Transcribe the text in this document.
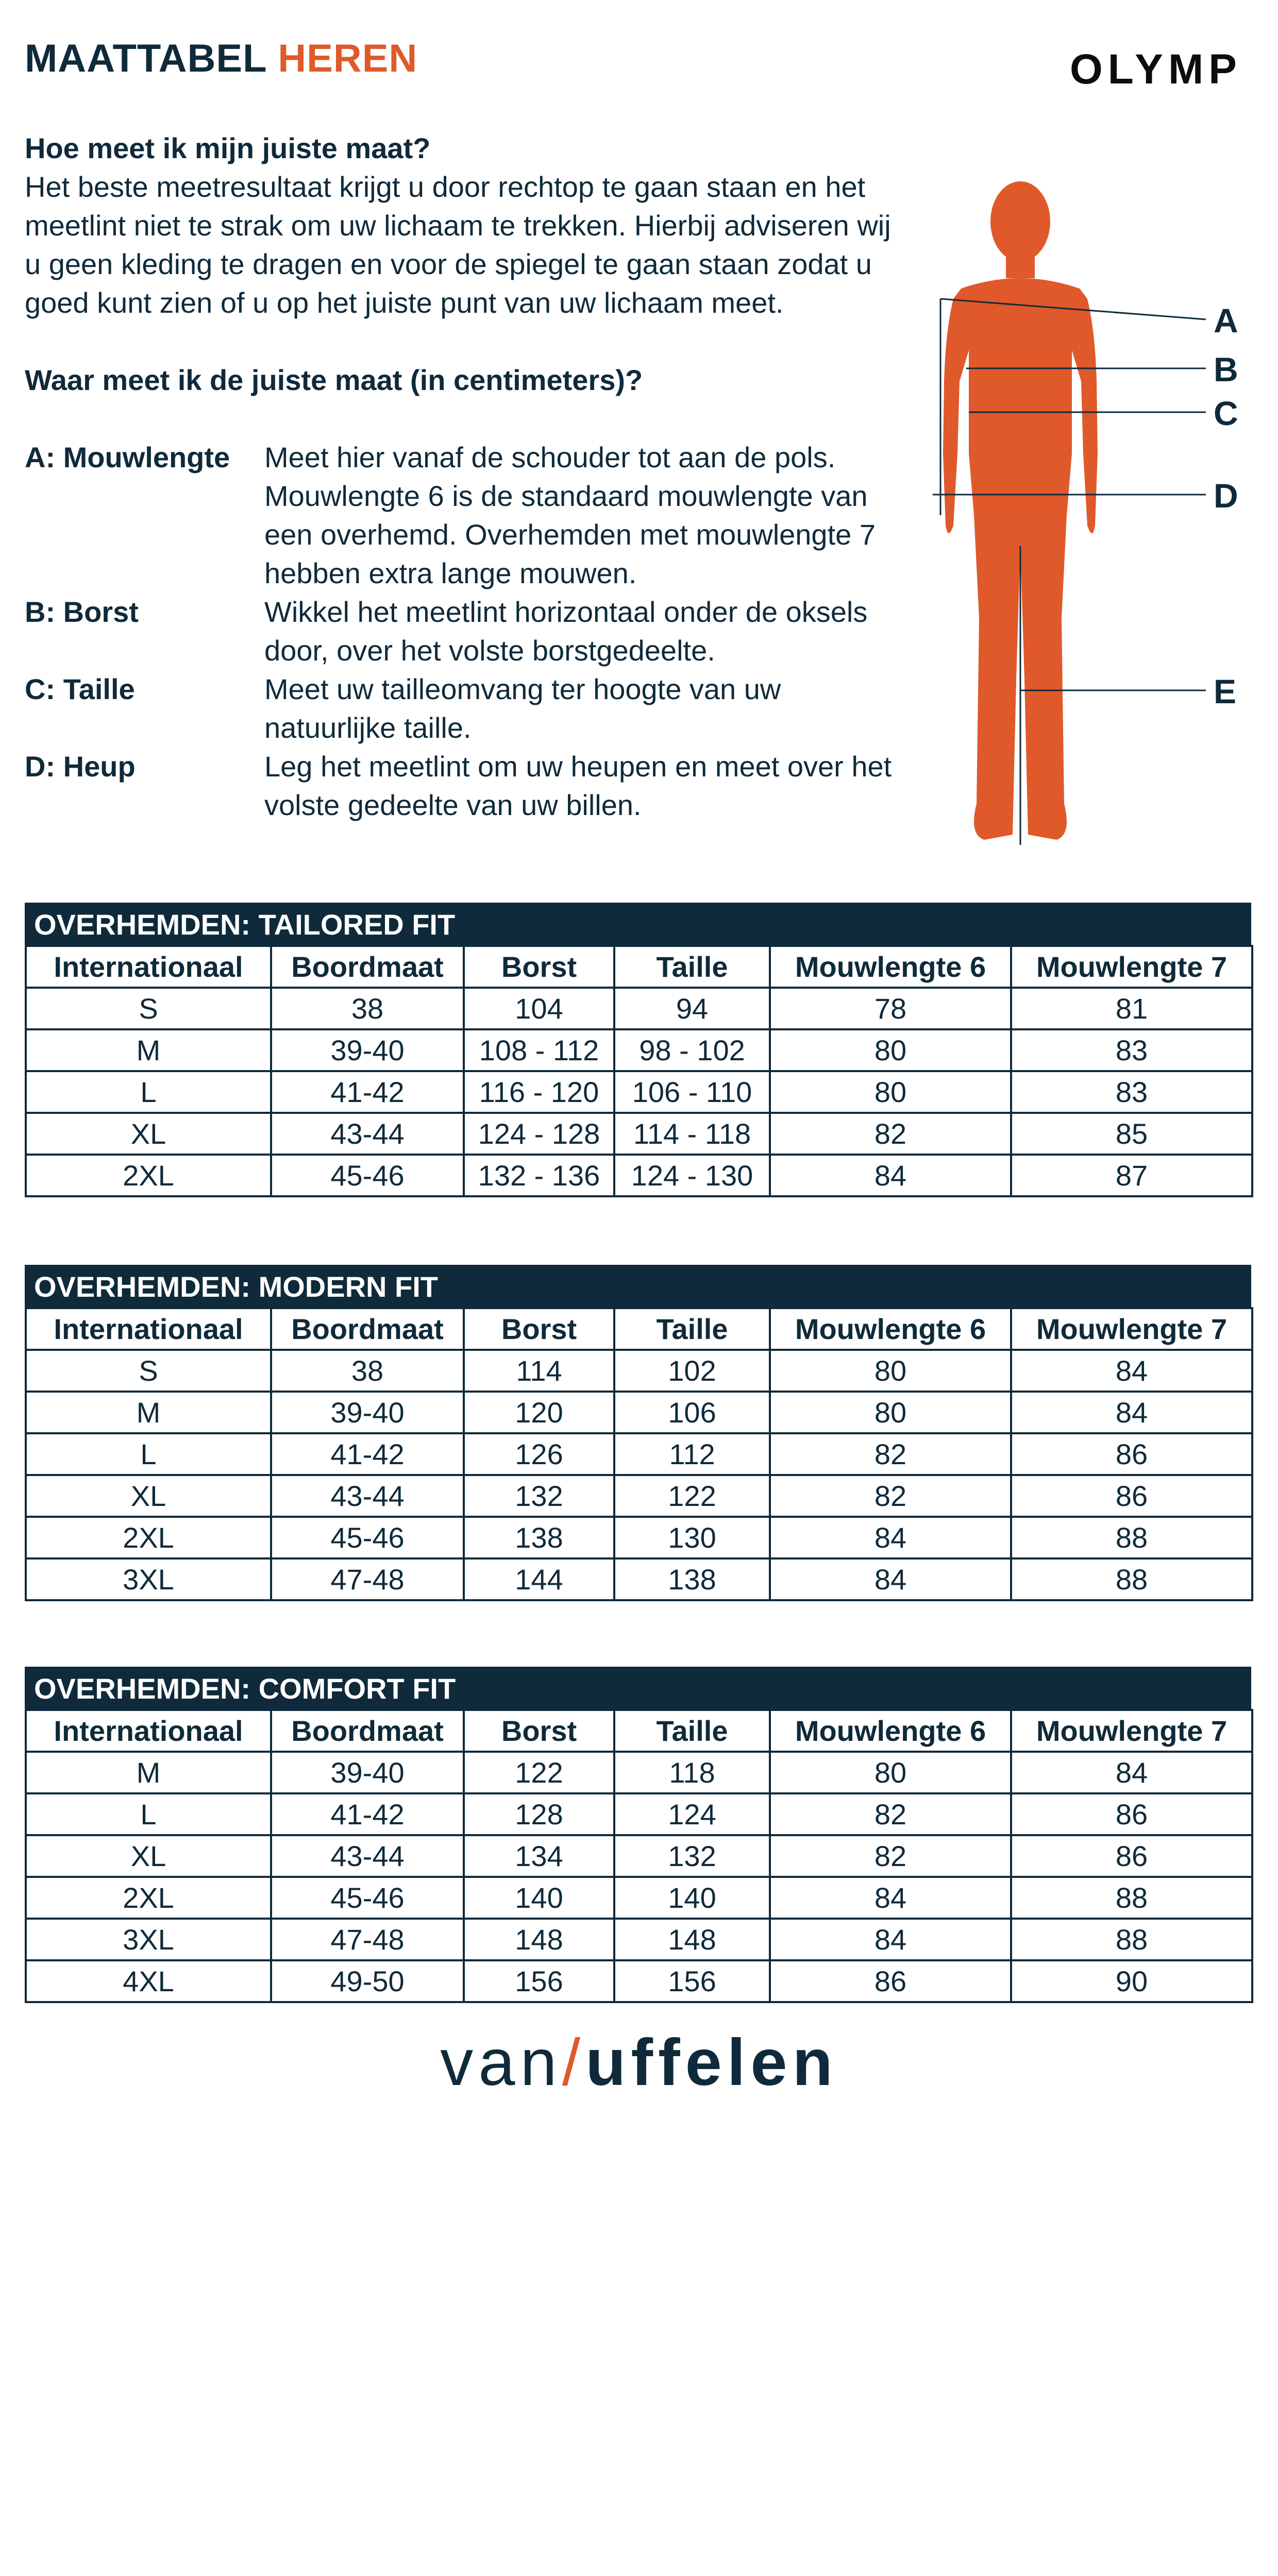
MAATTABEL HEREN	OLYMP
Hoe meet ik mijn juiste maat?
Het beste meetresultaat krijgt u door rechtop te gaan staan en het meetlint niet te strak om uw lichaam te trekken. Hierbij adviseren wij u geen kleding te dragen en voor de spiegel te gaan staan zodat u goed kunt zien of u op het juiste punt van uw lichaam meet.
Waar meet ik de juiste maat (in centimeters)?
A: Mouwlengte Meet hier vanaf de schouder tot aan de pols. Mouwlengte 6 is de standaard mouwlengte van een overhemd. Overhemden met mouwlengte 7 hebben extra lange mouwen.
B: Borst	Wikkel het meetlint horizontaal onder de oksels door, over het volste borstgedeelte.
C: Taille	Meet uw tailleomvang ter hoogte van uw natuurlijke taille.
D: Heup	Leg het meetlint om uw heupen en meet over het volste gedeelte van uw billen.
A
B
C
D
E
OVERHEMDEN: TAILORED FIT
Internationaal	Boordmaat	Borst	Taille	Mouwlengte 6	Mouwlengte 7
S	38	104	94	78	81
M	39-40	108 - 112	98 - 102	80	83
L	41-42	116 - 120	106 - 110	80	83
XL	43-44	124 - 128	114 - 118	82	85
2XL	45-46	132 - 136	124 - 130	84	87
OVERHEMDEN: MODERN FIT
Internationaal	Boordmaat	Borst	Taille	Mouwlengte 6	Mouwlengte 7
S	38	114	102	80	84
M	39-40	120	106	80	84
L	41-42	126	112	82	86
XL	43-44	132	122	82	86
2XL	45-46	138	130	84	88
3XL	47-48	144	138	84	88
OVERHEMDEN: COMFORT FIT
Internationaal	Boordmaat	Borst	Taille	Mouwlengte 6	Mouwlengte 7
M	39-40	122	118	80	84
L	41-42	128	124	82	86
XL	43-44	134	132	82	86
2XL	45-46	140	140	84	88
3XL	47-48	148	148	84	88
4XL	49-50	156	156	86	90
van/uffelen
